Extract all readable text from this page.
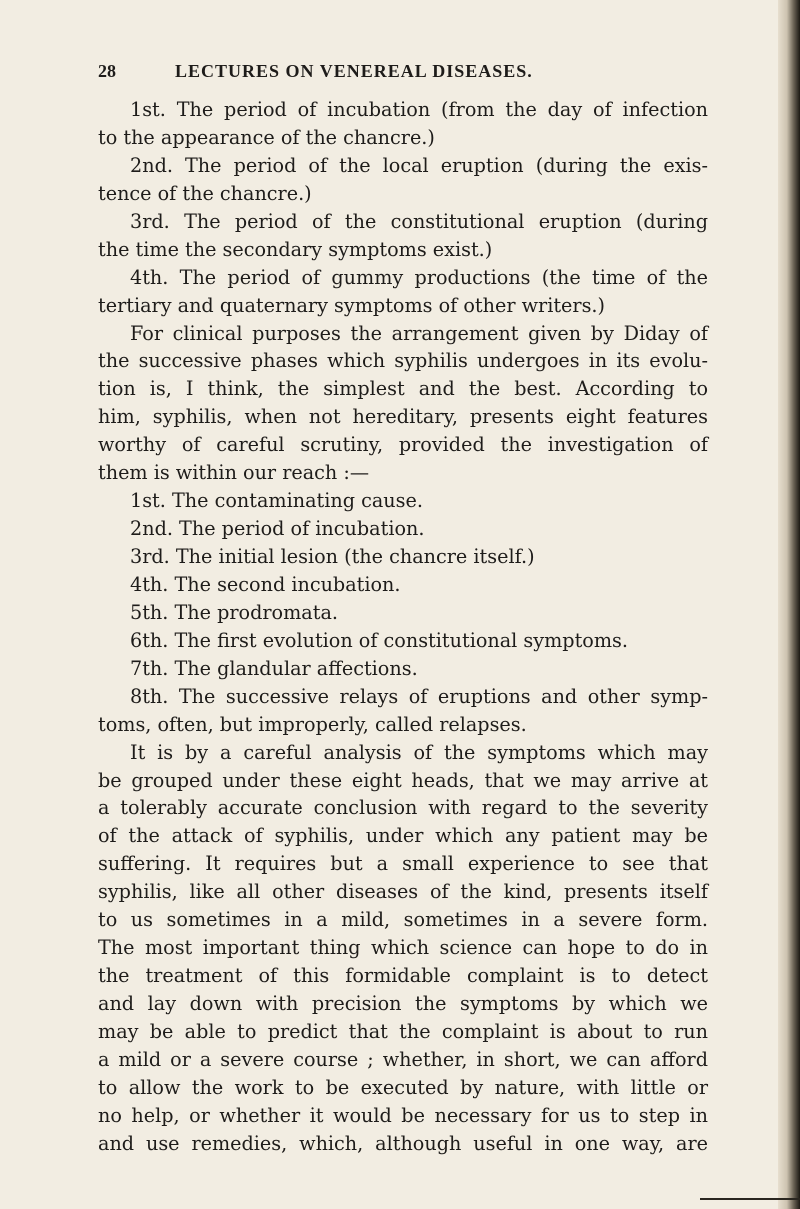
28	LECTURES ON VENEREAL DISEASES.
1st. The period of incubation (from the day of infection
to the appearance of the chancre.)
2nd. The period of the local eruption (during the exis-
tence of the chancre.)
3rd. The period of the constitutional eruption (during
the time the secondary symptoms exist.)
4th. The period of gummy productions (the time of the
tertiary and quaternary symptoms of other writers.)
For clinical purposes the arrangement given by Diday of
the successive phases which syphilis undergoes in its evolu-
tion is, I think, the simplest and the best. According to
him, syphilis, when not hereditary, presents eight features
worthy of careful scrutiny, provided the investigation of
them is within our reach :—
1st. The contaminating cause.
2nd. The period of incubation.
3rd. The initial lesion (the chancre itself.)
4th. The second incubation.
5th. The prodromata.
6th. The first evolution of constitutional symptoms.
7th. The glandular affections.
8th. The successive relays of eruptions and other symp-
toms, often, but improperly, called relapses.
It is by a careful analysis of the symptoms which may
be grouped under these eight heads, that we may arrive at
a tolerably accurate conclusion with regard to the severity
of the attack of syphilis, under which any patient may be
suffering. It requires but a small experience to see that
syphilis, like all other diseases of the kind, presents itself
to us sometimes in a mild, sometimes in a severe form.
The most important thing which science can hope to do in
the treatment of this formidable complaint is to detect
and lay down with precision the symptoms by which we
may be able to predict that the complaint is about to run
a mild or a severe course ; whether, in short, we can afford
to allow the work to be executed by nature, with little or
no help, or whether it would be necessary for us to step in
and use remedies, which, although useful in one way, are
